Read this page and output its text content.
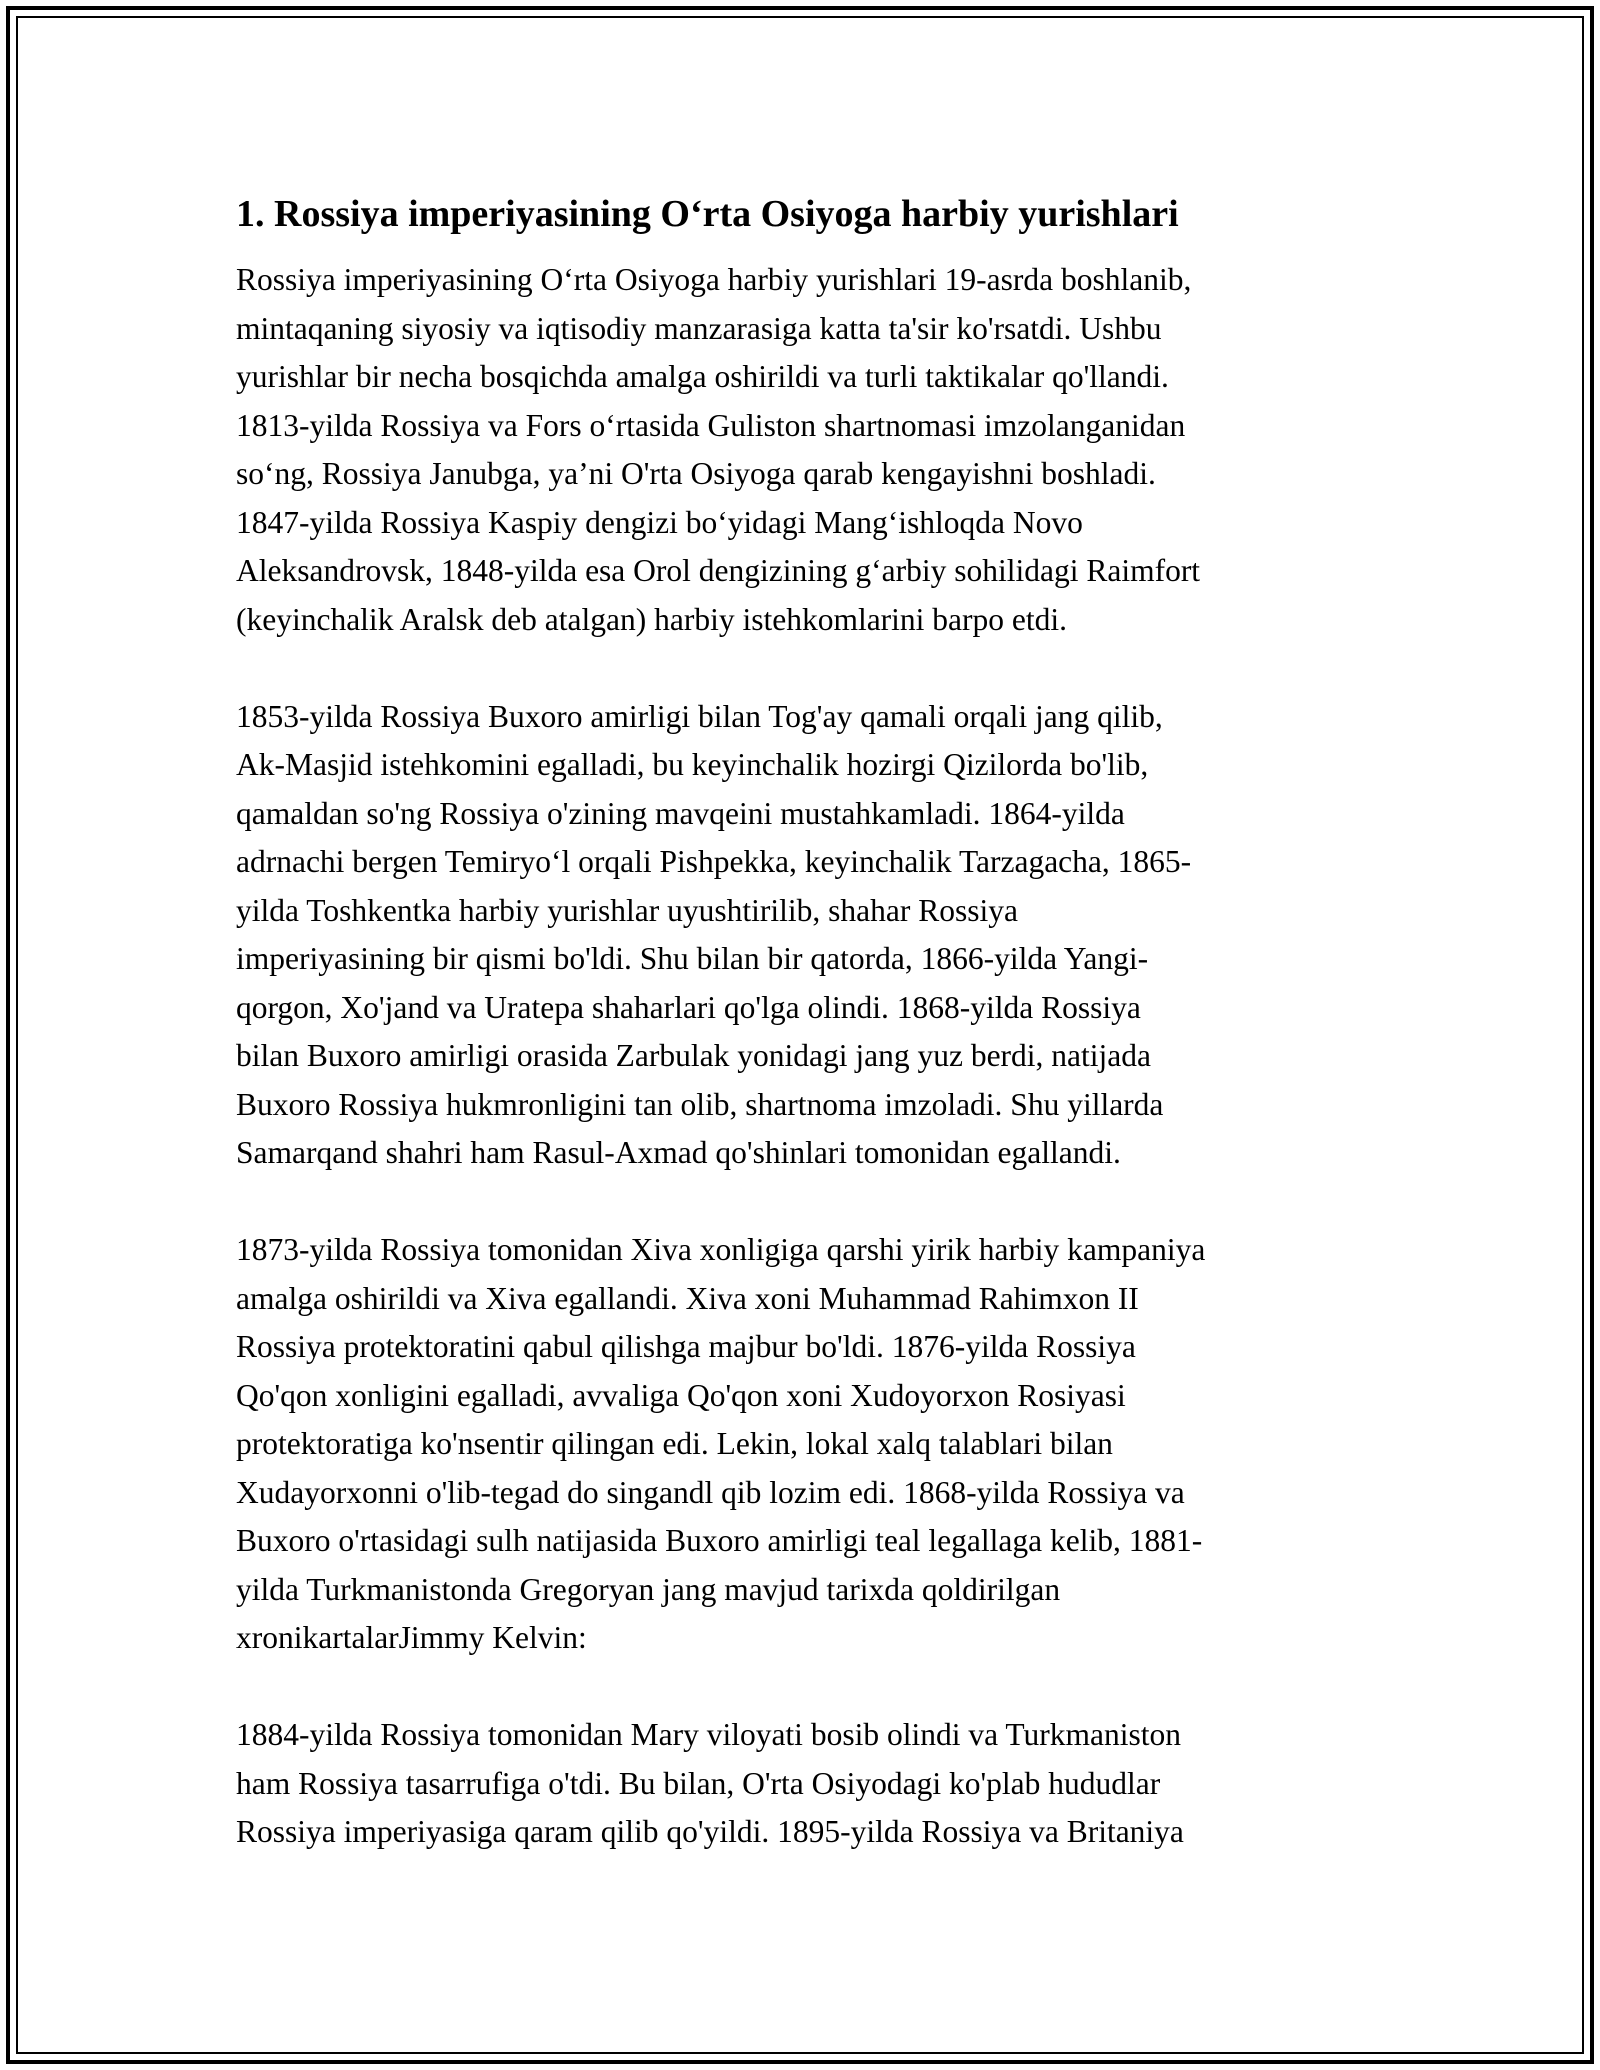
1. Rossiya imperiyasining O‘rta Osiyoga harbiy yurishlari

Rossiya imperiyasining O‘rta Osiyoga harbiy yurishlari 19-asrda boshlanib,
mintaqaning siyosiy va iqtisodiy manzarasiga katta ta'sir ko'rsatdi. Ushbu
yurishlar bir necha bosqichda amalga oshirildi va turli taktikalar qo'llandi.
1813-yilda Rossiya va Fors o‘rtasida Guliston shartnomasi imzolanganidan
so‘ng, Rossiya Janubga, ya’ni O'rta Osiyoga qarab kengayishni boshladi.
1847-yilda Rossiya Kaspiy dengizi bo‘yidagi Mang‘ishloqda Novo
Aleksandrovsk, 1848-yilda esa Orol dengizining g‘arbiy sohilidagi Raimfort
(keyinchalik Aralsk deb atalgan) harbiy istehkomlarini barpo etdi.

1853-yilda Rossiya Buxoro amirligi bilan Tog'ay qamali orqali jang qilib,
Ak-Masjid istehkomini egalladi, bu keyinchalik hozirgi Qizilorda bo'lib,
qamaldan so'ng Rossiya o'zining mavqeini mustahkamladi. 1864-yilda
adrnachi bergen Temiryo‘l orqali Pishpekka, keyinchalik Tarzagacha, 1865-
yilda Toshkentka harbiy yurishlar uyushtirilib, shahar Rossiya
imperiyasining bir qismi bo'ldi. Shu bilan bir qatorda, 1866-yilda Yangi-
qorgon, Xo'jand va Uratepa shaharlari qo'lga olindi. 1868-yilda Rossiya
bilan Buxoro amirligi orasida Zarbulak yonidagi jang yuz berdi, natijada
Buxoro Rossiya hukmronligini tan olib, shartnoma imzoladi. Shu yillarda
Samarqand shahri ham Rasul-Axmad qo'shinlari tomonidan egallandi.

1873-yilda Rossiya tomonidan Xiva xonligiga qarshi yirik harbiy kampaniya
amalga oshirildi va Xiva egallandi. Xiva xoni Muhammad Rahimxon II
Rossiya protektoratini qabul qilishga majbur bo'ldi. 1876-yilda Rossiya
Qo'qon xonligini egalladi, avvaliga Qo'qon xoni Xudoyorxon Rosiyasi
protektoratiga ko'nsentir qilingan edi. Lekin, lokal xalq talablari bilan
Xudayorxonni o'lib-tegad do singandl qib lozim edi. 1868-yilda Rossiya va
Buxoro o'rtasidagi sulh natijasida Buxoro amirligi teal legallaga kelib, 1881-
yilda Turkmanistonda Gregoryan jang mavjud tarixda qoldirilgan
xronikartalarJimmy Kelvin:

1884-yilda Rossiya tomonidan Mary viloyati bosib olindi va Turkmaniston
ham Rossiya tasarrufiga o'tdi. Bu bilan, O'rta Osiyodagi ko'plab hududlar
Rossiya imperiyasiga qaram qilib qo'yildi. 1895-yilda Rossiya va Britaniya
